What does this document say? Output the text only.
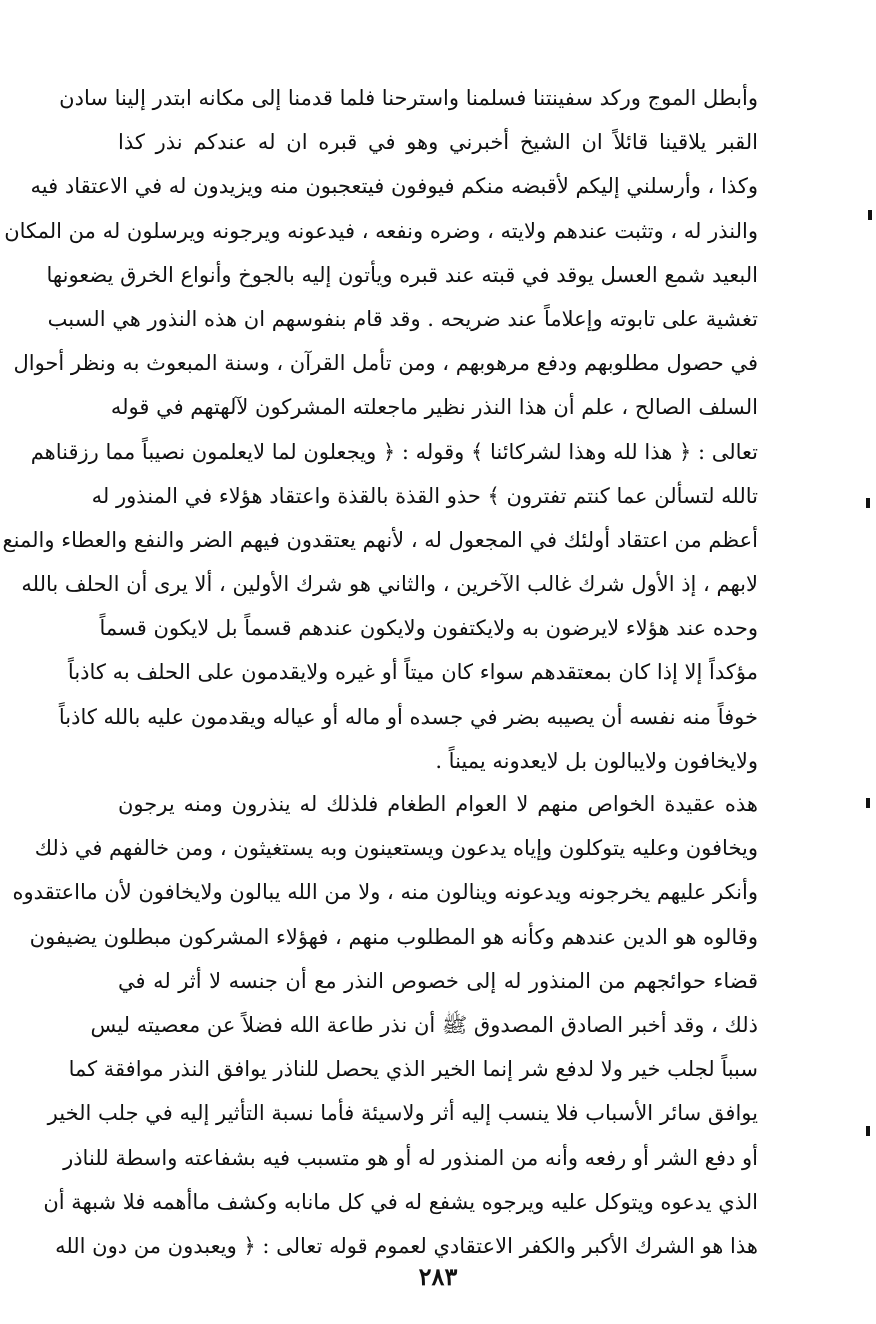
وأبطل الموج وركد سفينتنا فسلمنا واسترحنا فلما قدمنا إلى مكانه ابتدر إلينا سادن
القبر يلاقينا قائلاً ان الشيخ أخبرني وهو في قبره ان له عندكم نذر كذا
وكذا ، وأرسلني إليكم لأقبضه منكم فيوفون فيتعجبون منه ويزيدون له في الاعتقاد فيه
والنذر له ، وتثبت عندهم ولايته ، وضره ونفعه ، فيدعونه ويرجونه ويرسلون له من المكان
البعيد شمع العسل يوقد في قبته عند قبره ويأتون إليه بالجوخ وأنواع الخرق يضعونها
تغشية على تابوته وإعلاماً عند ضريحه . وقد قام بنفوسهم ان هذه النذور هي السبب
في حصول مطلوبهم ودفع مرهوبهم ، ومن تأمل القرآن ، وسنة المبعوث به ونظر أحوال
السلف الصالح ، علم أن هذا النذر نظير ماجعلته المشركون لآلهتهم في قوله
تعالى : ﴿ هذا لله وهذا لشركائنا ﴾ وقوله : ﴿ ويجعلون لما لايعلمون نصيباً مما رزقناهم
تالله لتسألن عما كنتم تفترون ﴾ حذو القذة بالقذة واعتقاد هؤلاء في المنذور له
أعظم من اعتقاد أولئك في المجعول له ، لأنهم يعتقدون فيهم الضر والنفع والعطاء والمنع
لابهم ، إذ الأول شرك غالب الآخرين ، والثاني هو شرك الأولين ، ألا يرى أن الحلف بالله
وحده عند هؤلاء لايرضون به ولايكتفون ولايكون عندهم قسماً بل لايكون قسماً
مؤكداً إلا إذا كان بمعتقدهم سواء كان ميتاً أو غيره ولايقدمون على الحلف به كاذباً
خوفاً منه نفسه أن يصيبه بضر في جسده أو ماله أو عياله ويقدمون عليه بالله كاذباً
ولايخافون ولايبالون بل لايعدونه يميناً .
هذه عقيدة الخواص منهم لا العوام الطغام فلذلك له ينذرون ومنه يرجون
ويخافون وعليه يتوكلون وإياه يدعون ويستعينون وبه يستغيثون ، ومن خالفهم في ذلك
وأنكر عليهم يخرجونه ويدعونه وينالون منه ، ولا من الله يبالون ولايخافون لأن مااعتقدوه
وقالوه هو الدين عندهم وكأنه هو المطلوب منهم ، فهؤلاء المشركون مبطلون يضيفون
قضاء حوائجهم من المنذور له إلى خصوص النذر مع أن جنسه لا أثر له في
ذلك ، وقد أخبر الصادق المصدوق ﷺ أن نذر طاعة الله فضلاً عن معصيته ليس
سبباً لجلب خير ولا لدفع شر إنما الخير الذي يحصل للناذر يوافق النذر موافقة كما
يوافق سائر الأسباب فلا ينسب إليه أثر ولاسيئة فأما نسبة التأثير إليه في جلب الخير
أو دفع الشر أو رفعه وأنه من المنذور له أو هو متسبب فيه بشفاعته واسطة للناذر
الذي يدعوه ويتوكل عليه ويرجوه يشفع له في كل مانابه وكشف ماأهمه فلا شبهة أن
هذا هو الشرك الأكبر والكفر الاعتقادي لعموم قوله تعالى : ﴿ ويعبدون من دون الله
٢٨٣
